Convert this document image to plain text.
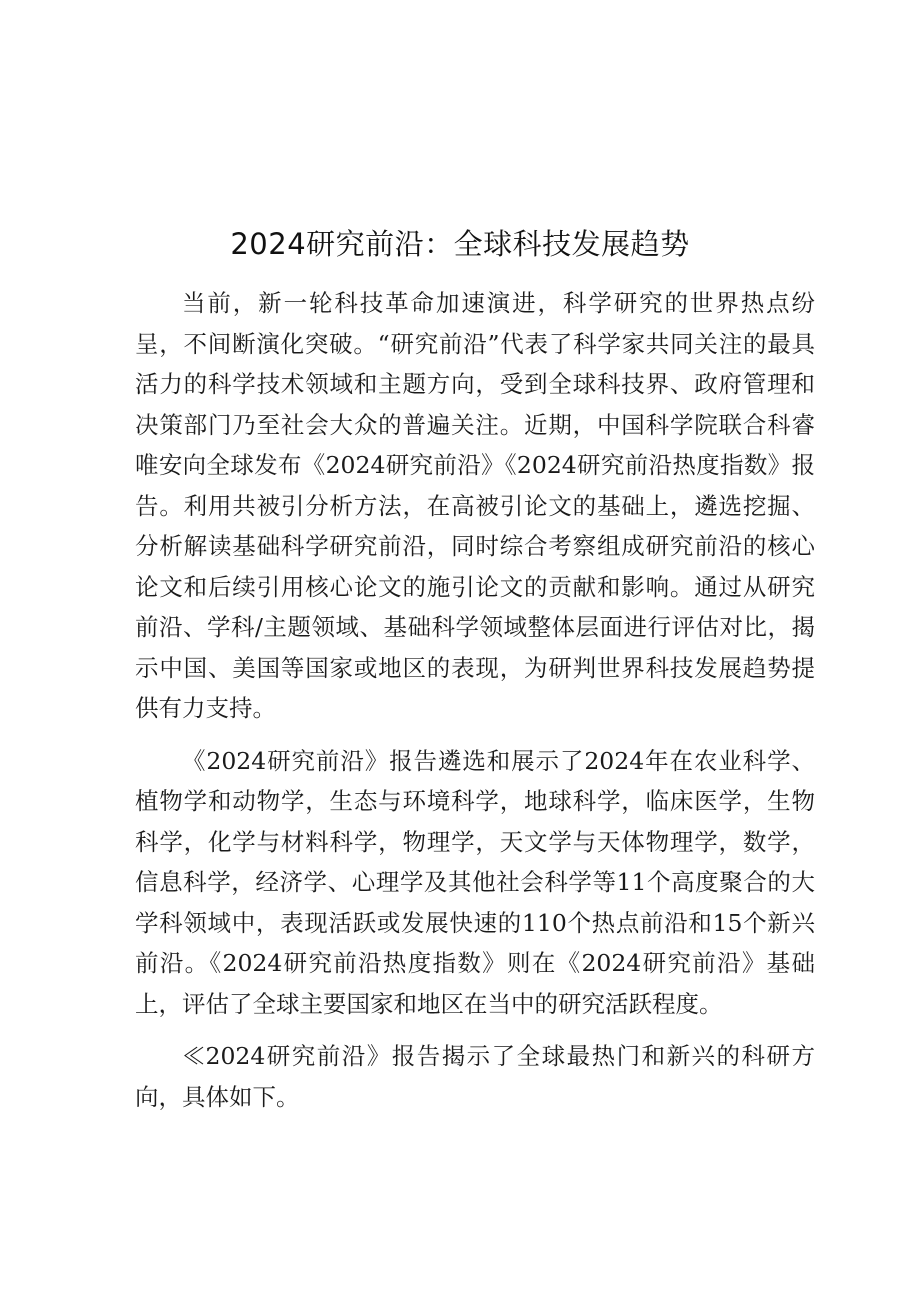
2024研究前沿：全球科技发展趋势

当前，新一轮科技革命加速演进，科学研究的世界热点纷呈，不间断演化突破。“研究前沿”代表了科学家共同关注的最具活力的科学技术领域和主题方向，受到全球科技界、政府管理和决策部门乃至社会大众的普遍关注。近期，中国科学院联合科睿唯安向全球发布《2024研究前沿》《2024研究前沿热度指数》报告。利用共被引分析方法，在高被引论文的基础上，遴选挖掘、分析解读基础科学研究前沿，同时综合考察组成研究前沿的核心论文和后续引用核心论文的施引论文的贡献和影响。通过从研究前沿、学科/主题领域、基础科学领域整体层面进行评估对比，揭示中国、美国等国家或地区的表现，为研判世界科技发展趋势提供有力支持。

《2024研究前沿》报告遴选和展示了2024年在农业科学、植物学和动物学，生态与环境科学，地球科学，临床医学，生物科学，化学与材料科学，物理学，天文学与天体物理学，数学，信息科学，经济学、心理学及其他社会科学等11个高度聚合的大学科领域中，表现活跃或发展快速的110个热点前沿和15个新兴前沿。《2024研究前沿热度指数》则在《2024研究前沿》基础上，评估了全球主要国家和地区在当中的研究活跃程度。

≪2024研究前沿》报告揭示了全球最热门和新兴的科研方向，具体如下。
